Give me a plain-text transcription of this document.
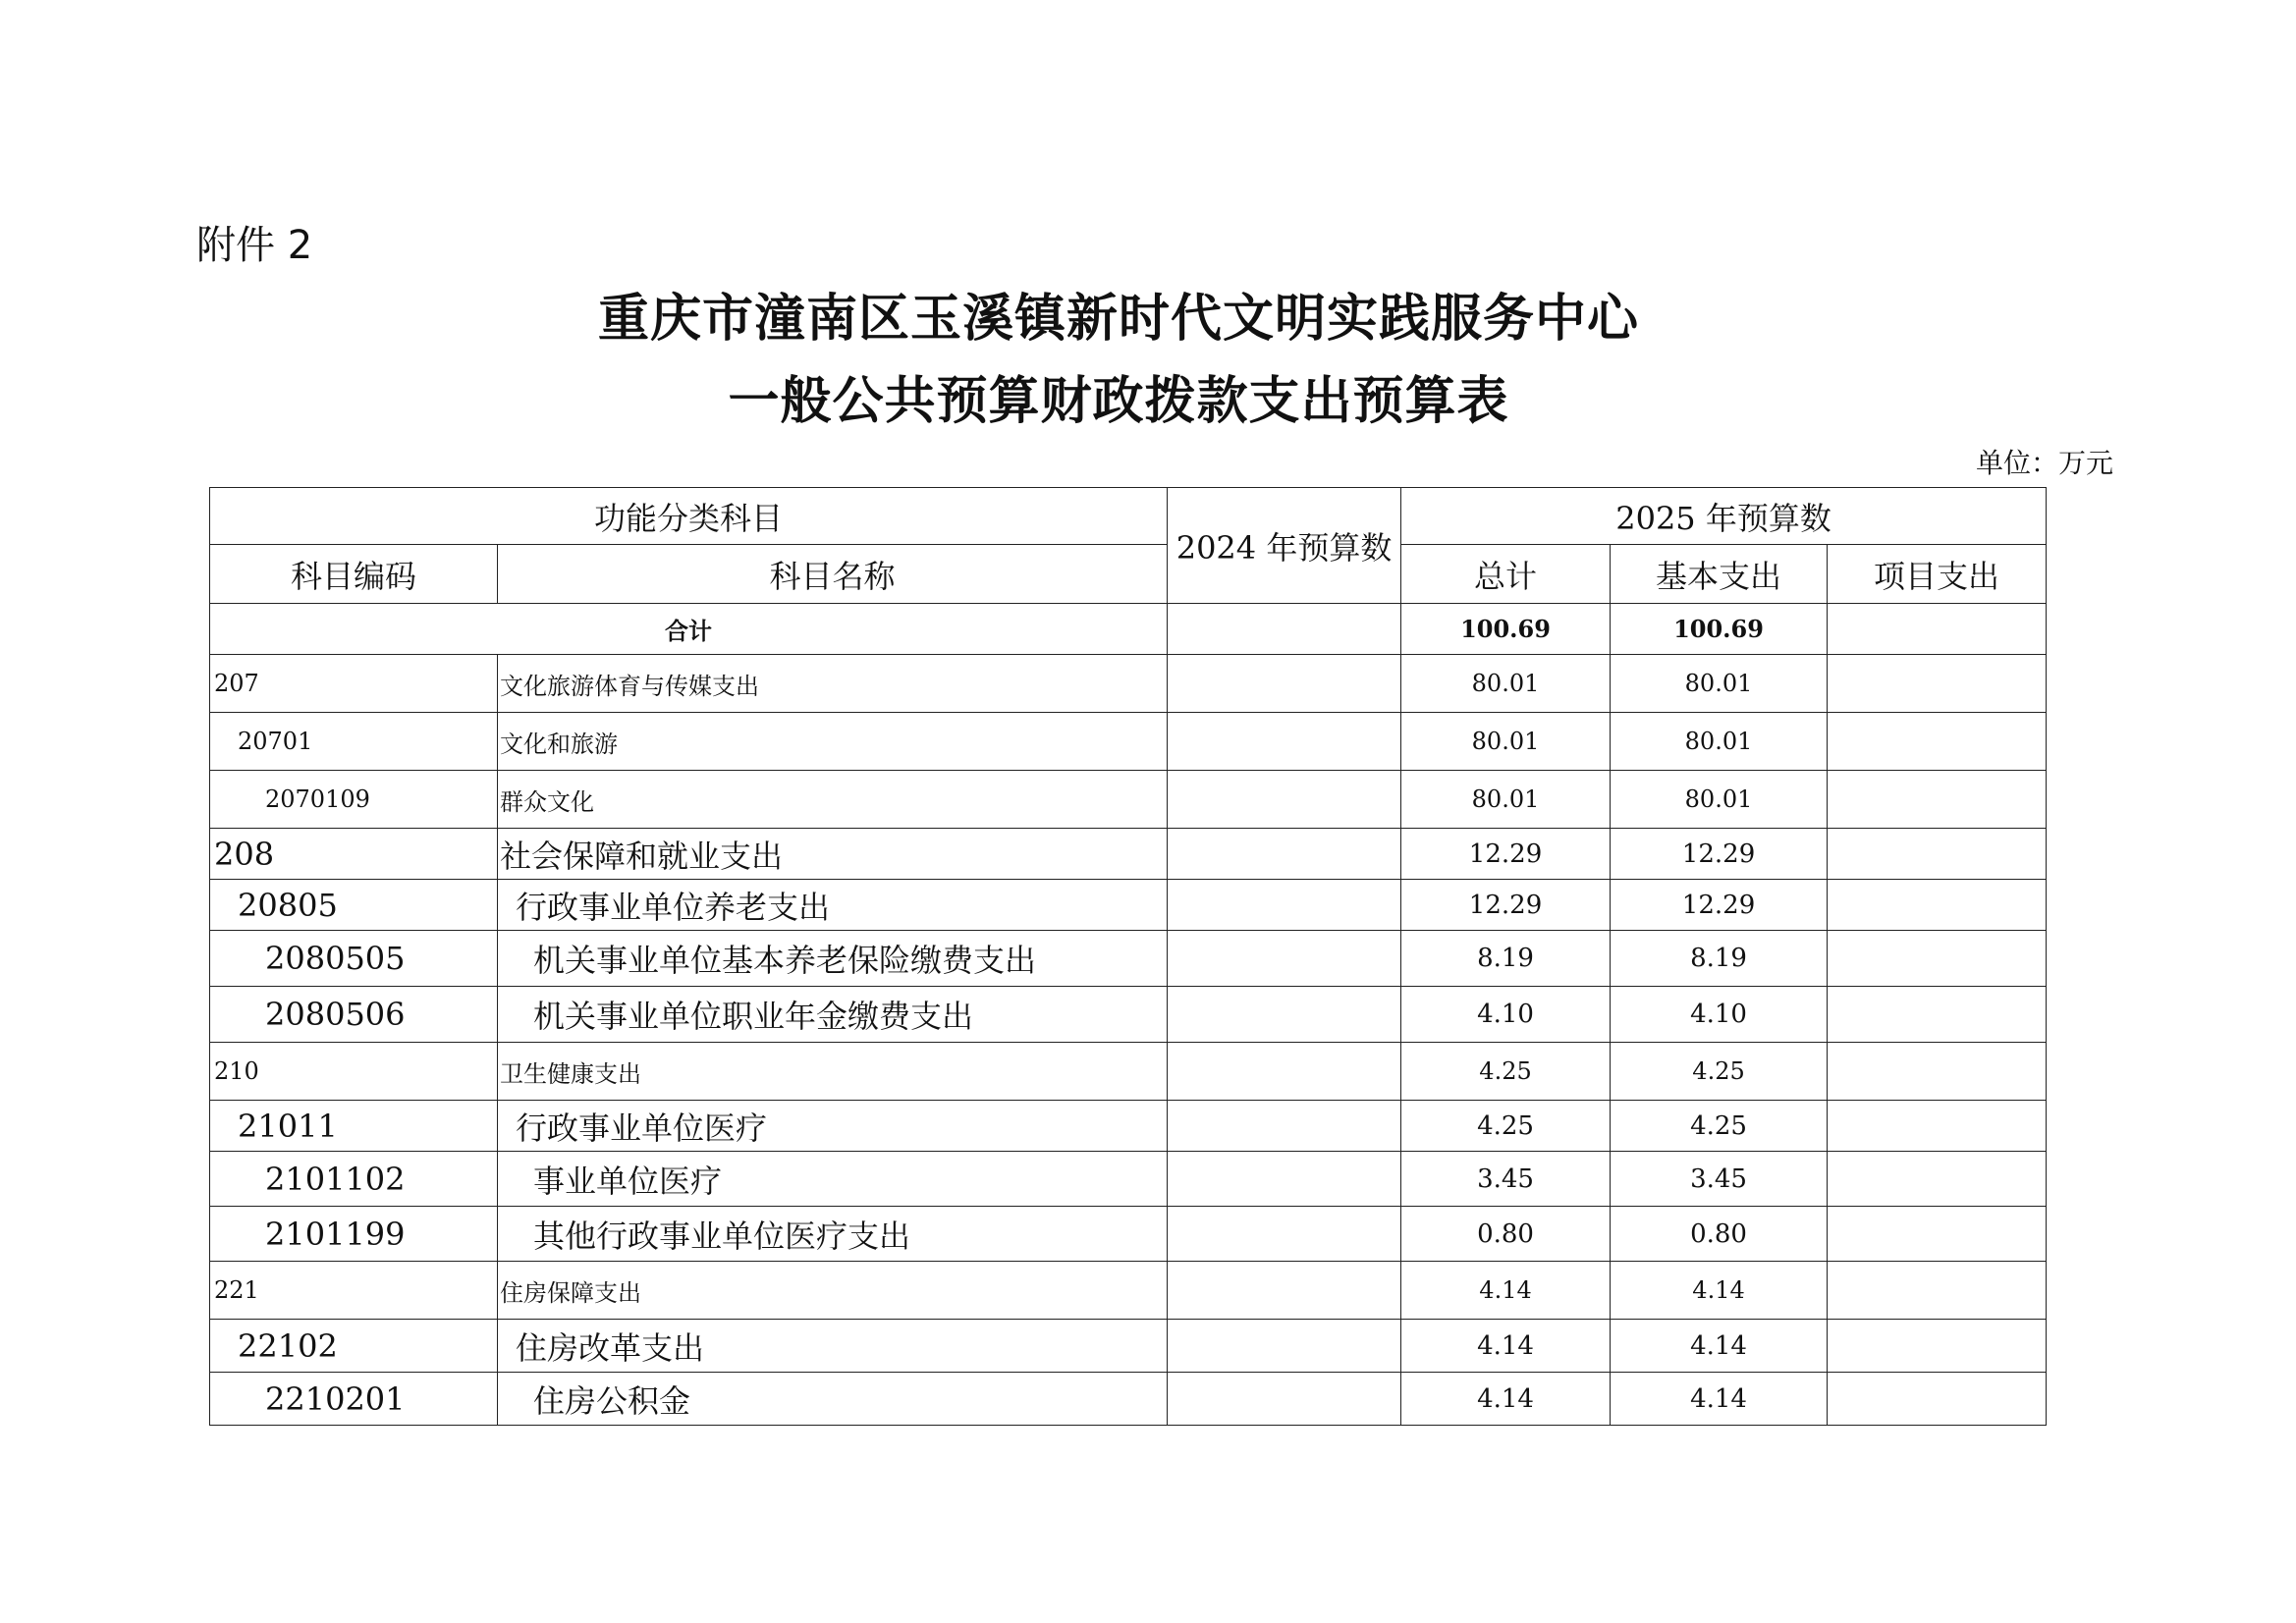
附件 2
重庆市潼南区玉溪镇新时代文明实践服务中心
一般公共预算财政拨款支出预算表
单位：万元
功能分类科目		2024 年预算数	2025 年预算数		
科目编码	科目名称		总计	基本支出	项目支出
合计			100.69	100.69	
207	文化旅游体育与传媒支出		80.01	80.01	
20701	文化和旅游		80.01	80.01	
2070109	群众文化		80.01	80.01	
208	社会保障和就业支出		12.29	12.29	
20805	行政事业单位养老支出		12.29	12.29	
2080505	机关事业单位基本养老保险缴费支出		8.19	8.19	
2080506	机关事业单位职业年金缴费支出		4.10	4.10	
210	卫生健康支出		4.25	4.25	
21011	行政事业单位医疗		4.25	4.25	
2101102	事业单位医疗		3.45	3.45	
2101199	其他行政事业单位医疗支出		0.80	0.80	
221	住房保障支出		4.14	4.14	
22102	住房改革支出		4.14	4.14	
2210201	住房公积金		4.14	4.14	
